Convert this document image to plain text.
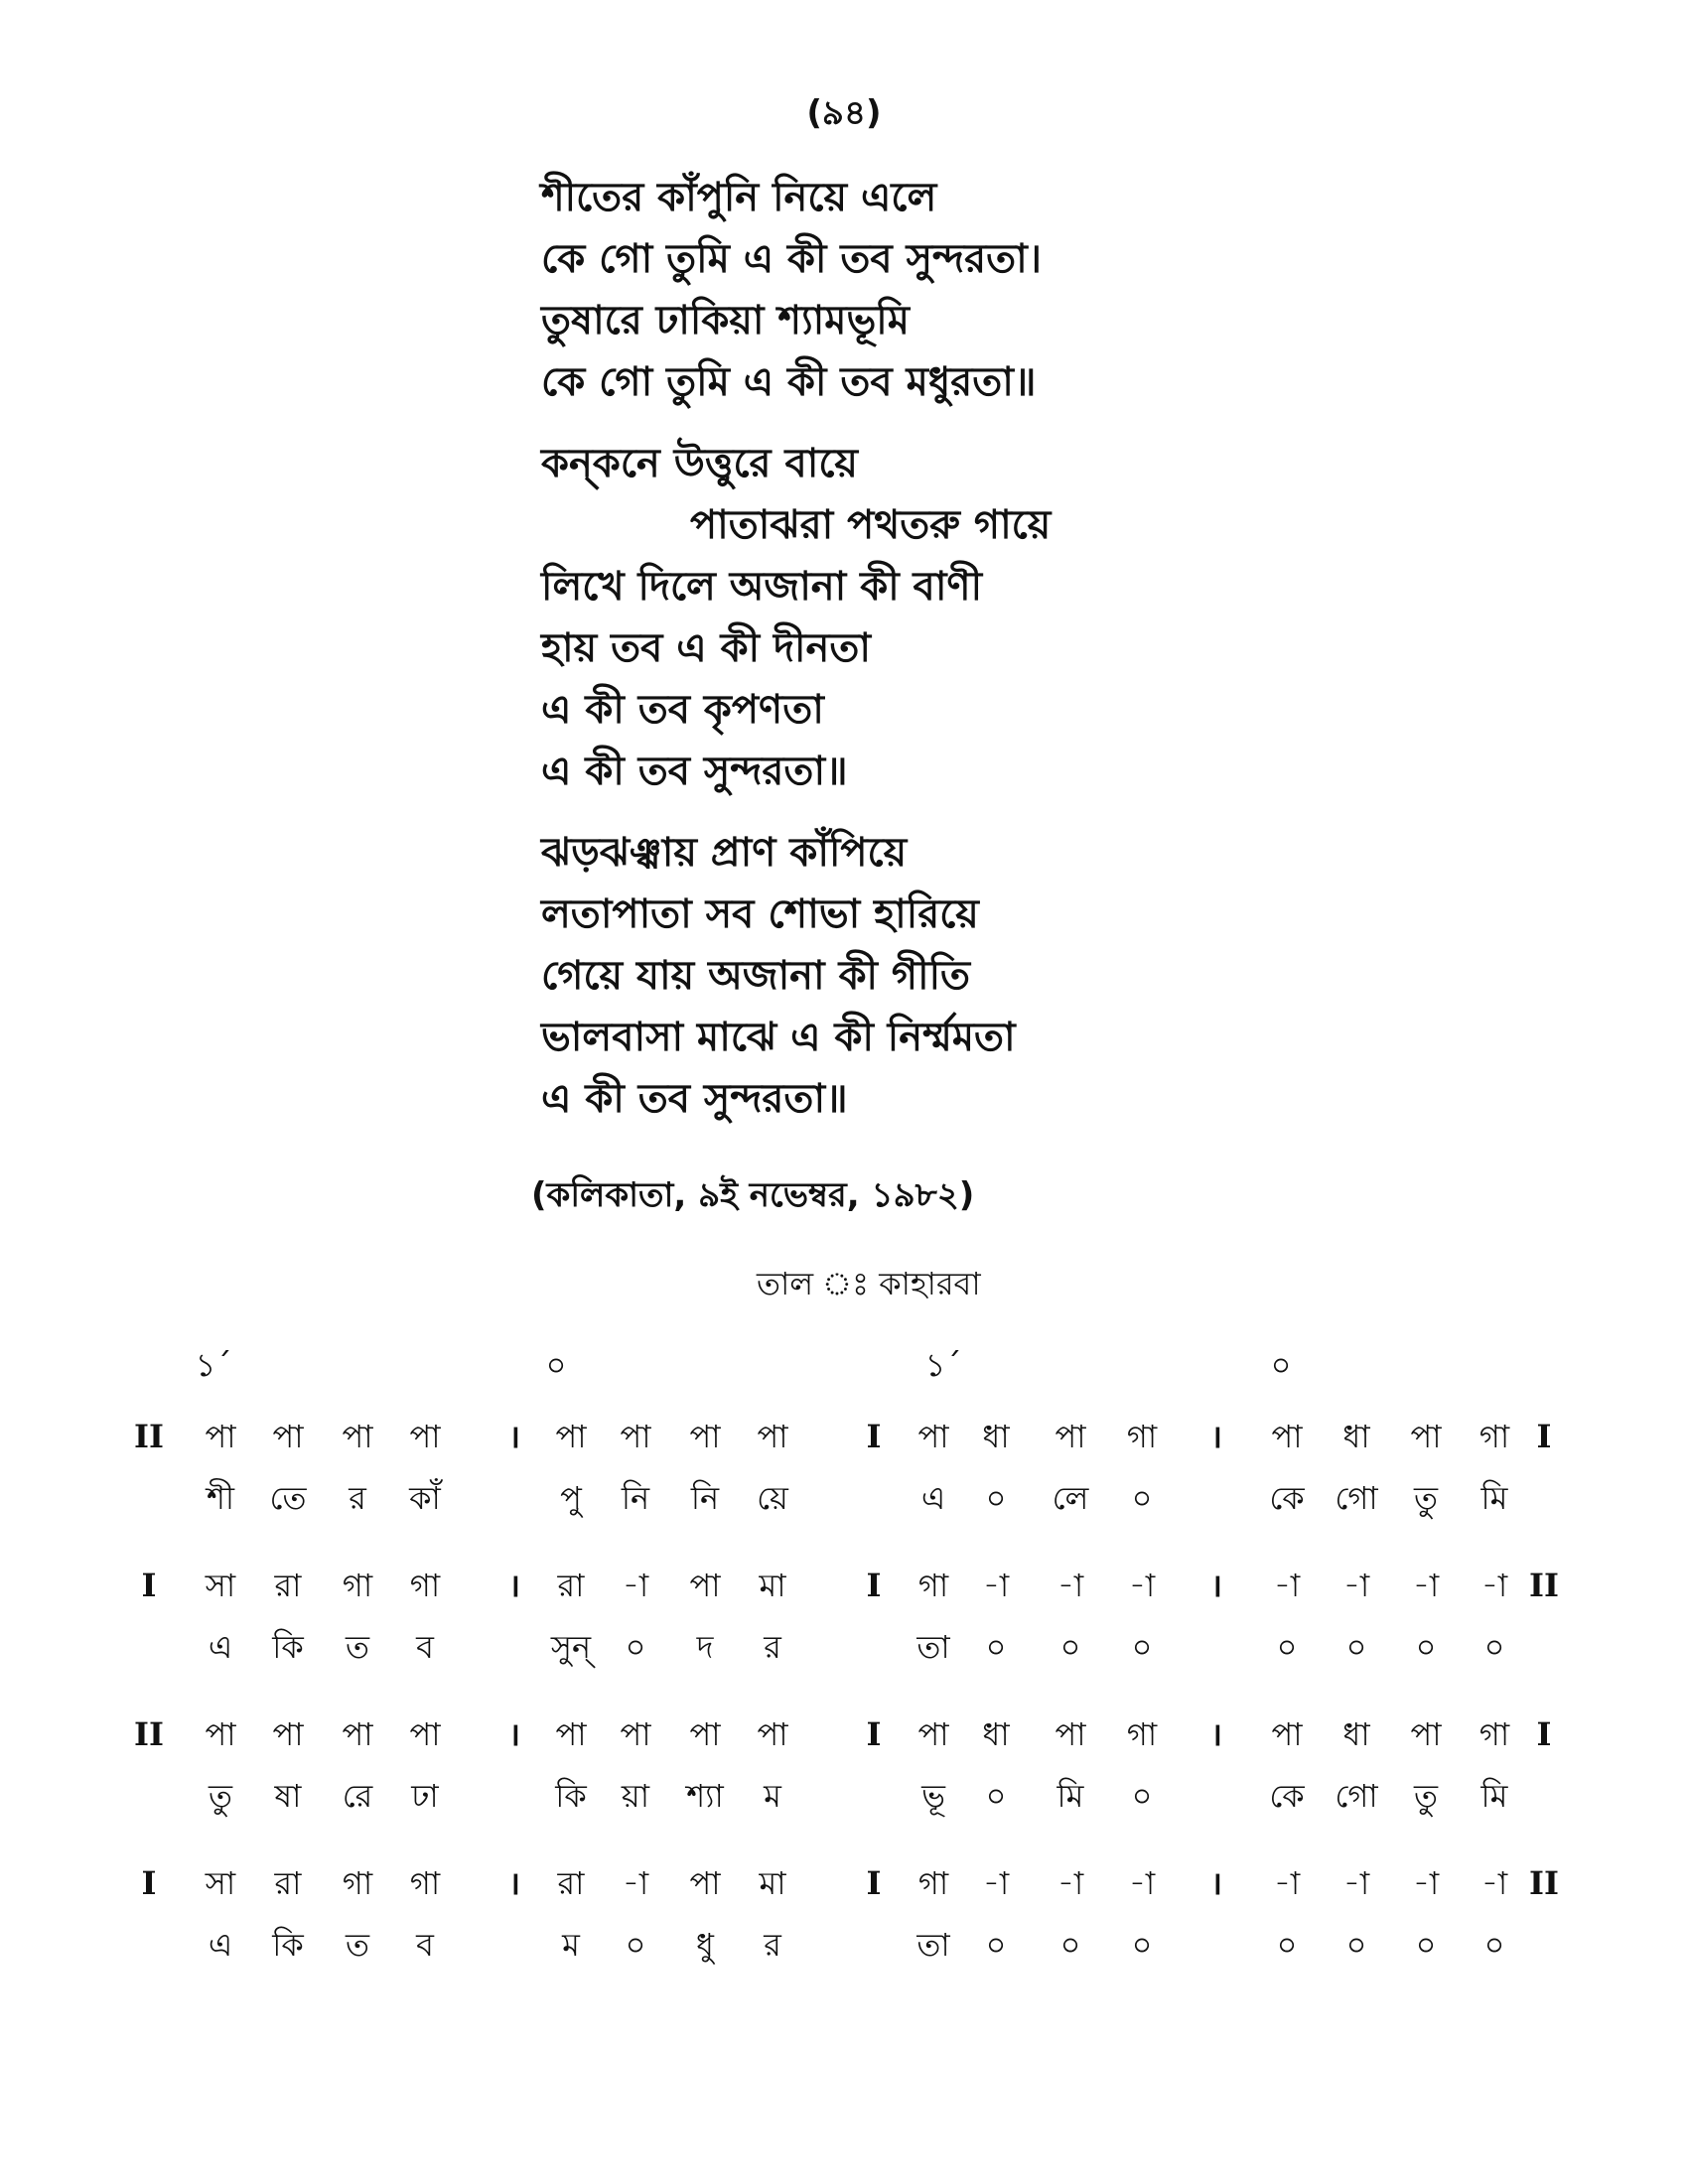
(৯৪)
শীতের কাঁপুনি নিয়ে এলে
কে গো তুমি এ কী তব সুন্দরতা।
তুষারে ঢাকিয়া শ্যামভূমি
কে গো তুমি এ কী তব মধুরতা॥
কন্‌কনে উত্তুরে বায়ে
পাতাঝরা পথতরু গায়ে
লিখে দিলে অজানা কী বাণী
হায় তব এ কী দীনতা
এ কী তব কৃপণতা
এ কী তব সুন্দরতা॥
ঝড়ঝঞ্ঝায় প্রাণ কাঁপিয়ে
লতাপাতা সব শোভা হারিয়ে
গেয়ে যায় অজানা কী গীতি
ভালবাসা মাঝে এ কী নির্ম্মমতা
এ কী তব সুন্দরতা॥
(কলিকাতা, ৯ই নভেম্বর, ১৯৮২)
তাল ঃ কাহারবা
১´	০	১´	০
II	পা	পা	পা	পা	।	পা	পা	পা	পা	I	পা	ধা	পা	গা	।	পা	ধা	পা	গা I
শী	তে	র	কাঁ	পু	নি	নি	য়ে	এ	০	লে	০	কে গো	তু	মি
I	সা	রা	গা	গা	।	রা	-া	পা	মা	I	গা	-া	-া	-া	।	-া	-া	-া	-া II
এ	কি	ত	ব	সুন্	০	দ	র	তা	০	০	০	০	০	০	০
II	পা	পা	পা	পা	।	পা	পা	পা	পা	I	পা	ধা	পা	গা	।	পা	ধা	পা	গা I
তু	ষা	রে	ঢা	কি	য়া	শ্যা	ম	ভূ	০	মি	০	কে গো	তু	মি
I	সা	রা	গা	গা	।	রা	-া	পা	মা	I	গা	-া	-া	-া	।	-া	-া	-া	-া II
এ	কি	ত	ব	ম	০	ধু	র	তা	০	০	০	০	০	০	০
